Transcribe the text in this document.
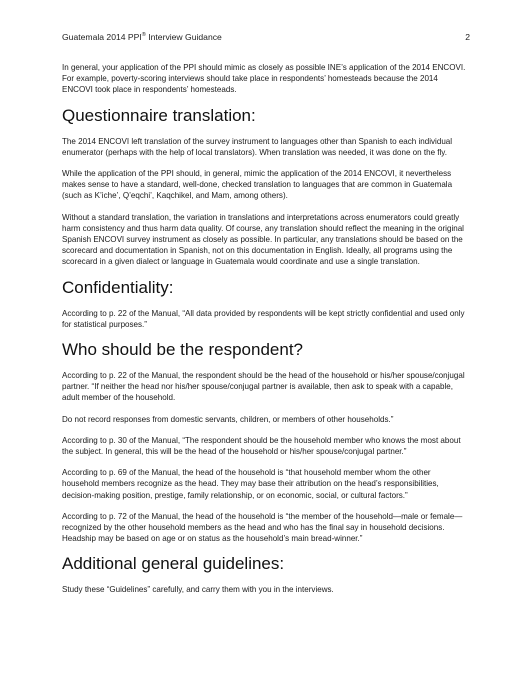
Guatemala 2014 PPI® Interview Guidance	2

In general, your application of the PPI should mimic as closely as possible INE’s application of the 2014 ENCOVI. For example, poverty-scoring interviews should take place in respondents’ homesteads because the 2014 ENCOVI took place in respondents’ homesteads.

Questionnaire translation:

The 2014 ENCOVI left translation of the survey instrument to languages other than Spanish to each individual enumerator (perhaps with the help of local translators). When translation was needed, it was done on the fly.

While the application of the PPI should, in general, mimic the application of the 2014 ENCOVI, it nevertheless makes sense to have a standard, well-done, checked translation to languages that are common in Guatemala (such as K’iche’, Q’eqchi’, Kaqchikel, and Mam, among others).

Without a standard translation, the variation in translations and interpretations across enumerators could greatly harm consistency and thus harm data quality. Of course, any translation should reflect the meaning in the original Spanish ENCOVI survey instrument as closely as possible. In particular, any translations should be based on the scorecard and documentation in Spanish, not on this documentation in English. Ideally, all programs using the scorecard in a given dialect or language in Guatemala would coordinate and use a single translation.

Confidentiality:

According to p. 22 of the Manual, “All data provided by respondents will be kept strictly confidential and used only for statistical purposes.”

Who should be the respondent?

According to p. 22 of the Manual, the respondent should be the head of the household or his/her spouse/conjugal partner. “If neither the head nor his/her spouse/conjugal partner is available, then ask to speak with a capable, adult member of the household.

Do not record responses from domestic servants, children, or members of other households.”

According to p. 30 of the Manual, “The respondent should be the household member who knows the most about the subject. In general, this will be the head of the household or his/her spouse/conjugal partner.”

According to p. 69 of the Manual, the head of the household is “that household member whom the other household members recognize as the head. They may base their attribution on the head’s responsibilities, decision-making position, prestige, family relationship, or on economic, social, or cultural factors.”

According to p. 72 of the Manual, the head of the household is “the member of the household—male or female—recognized by the other household members as the head and who has the final say in household decisions. Headship may be based on age or on status as the household’s main bread-winner.”

Additional general guidelines:

Study these “Guidelines” carefully, and carry them with you in the interviews.
